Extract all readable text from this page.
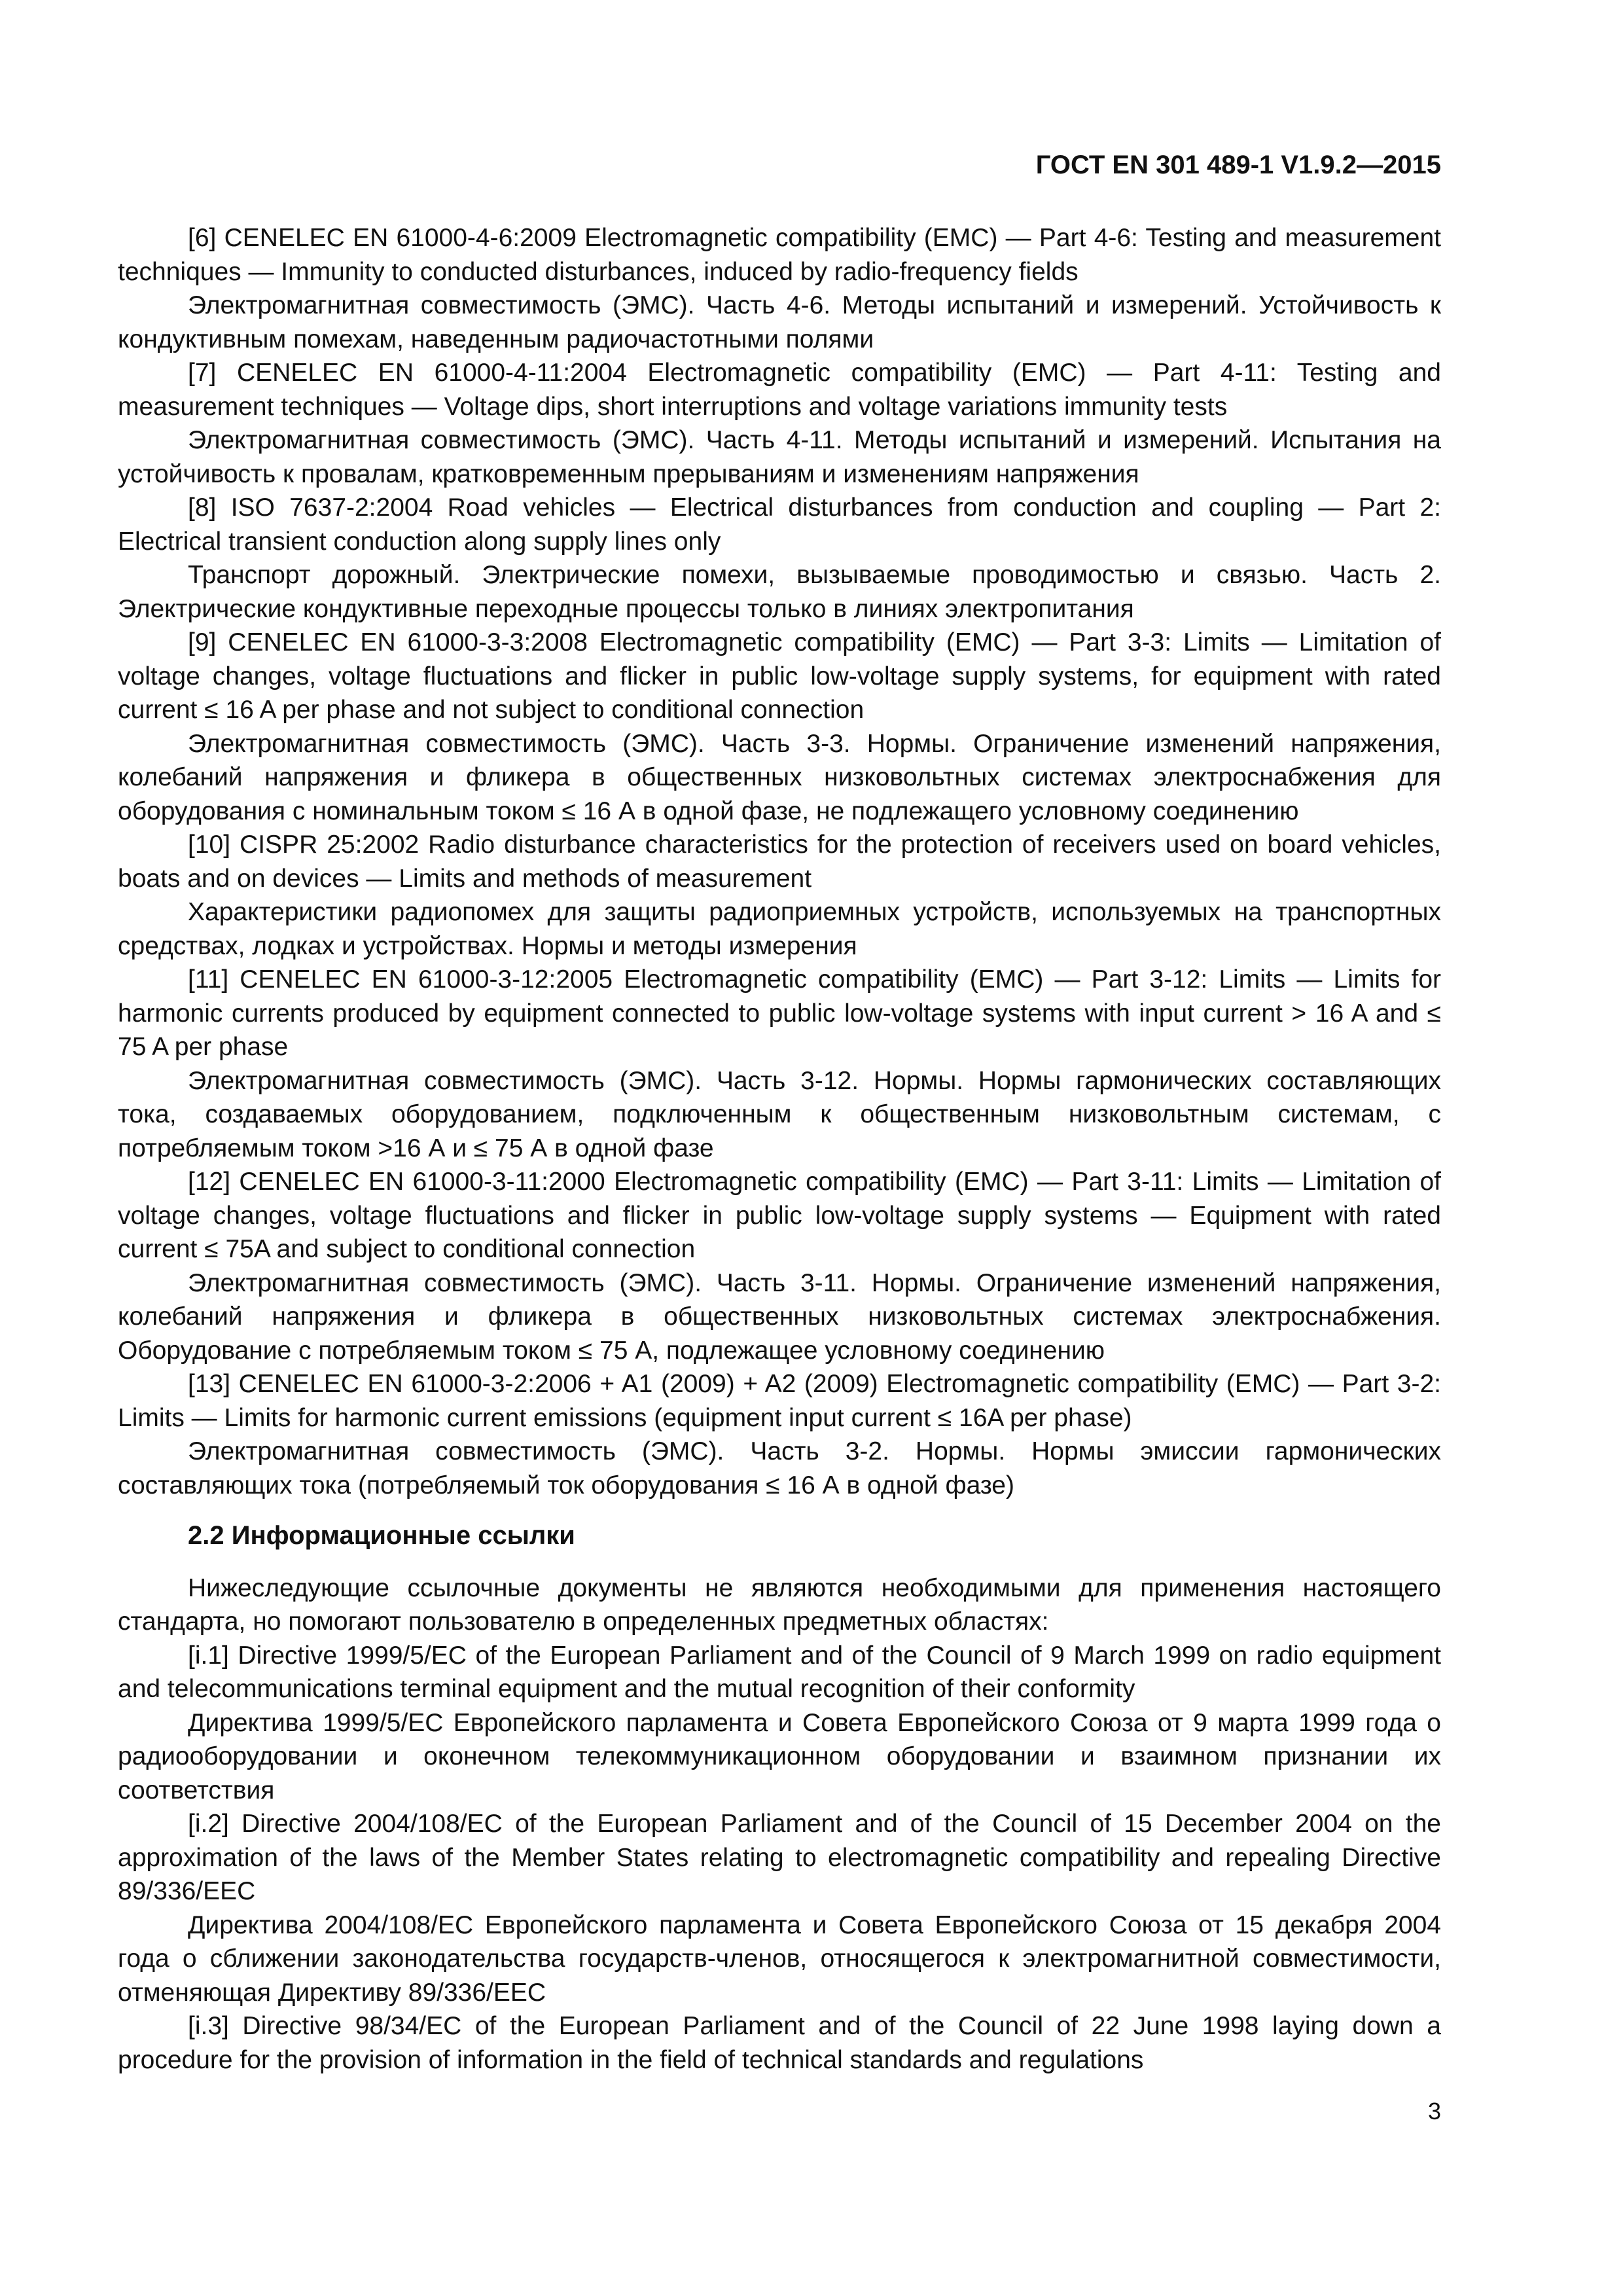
ГОСТ EN 301 489-1 V1.9.2—2015

[6] CENELEC EN 61000-4-6:2009 Electromagnetic compatibility (EMC) — Part 4-6: Testing and measurement techniques — Immunity to conducted disturbances, induced by radio-frequency fields

Электромагнитная совместимость (ЭМС). Часть 4-6. Методы испытаний и измерений. Устойчивость к кондуктивным помехам, наведенным радиочастотными полями

[7] CENELEC EN 61000-4-11:2004 Electromagnetic compatibility (EMC) — Part 4-11: Testing and measurement techniques — Voltage dips, short interruptions and voltage variations immunity tests

Электромагнитная совместимость (ЭМС). Часть 4-11. Методы испытаний и измерений. Испытания на устойчивость к провалам, кратковременным прерываниям и изменениям напряжения

[8] ISO 7637-2:2004 Road vehicles — Electrical disturbances from conduction and coupling — Part 2: Electrical transient conduction along supply lines only

Транспорт дорожный. Электрические помехи, вызываемые проводимостью и связью. Часть 2. Электрические кондуктивные переходные процессы только в линиях электропитания

[9] CENELEC EN 61000-3-3:2008 Electromagnetic compatibility (EMC) — Part 3-3: Limits — Limitation of voltage changes, voltage fluctuations and flicker in public low-voltage supply systems, for equipment with rated current ≤ 16 A per phase and not subject to conditional connection

Электромагнитная совместимость (ЭМС). Часть 3-3. Нормы. Ограничение изменений напряжения, колебаний напряжения и фликера в общественных низковольтных системах электроснабжения для оборудования с номинальным током ≤ 16 А в одной фазе, не подлежащего условному соединению

[10] CISPR 25:2002 Radio disturbance characteristics for the protection of receivers used on board vehicles, boats and on devices — Limits and methods of measurement

Характеристики радиопомех для защиты радиоприемных устройств, используемых на транспортных средствах, лодках и устройствах. Нормы и методы измерения

[11] CENELEC EN 61000-3-12:2005 Electromagnetic compatibility (EMC) — Part 3-12: Limits — Limits for harmonic currents produced by equipment connected to public low-voltage systems with input current > 16 A and ≤ 75 A per phase

Электромагнитная совместимость (ЭМС). Часть 3-12. Нормы. Нормы гармонических составляющих тока, создаваемых оборудованием, подключенным к общественным низковольтным системам, с потребляемым током >16 А и ≤ 75 А в одной фазе

[12] CENELEC EN 61000-3-11:2000 Electromagnetic compatibility (EMC) — Part 3-11: Limits — Limitation of voltage changes, voltage fluctuations and flicker in public low-voltage supply systems — Equipment with rated current ≤ 75A and subject to conditional connection

Электромагнитная совместимость (ЭМС). Часть 3-11. Нормы. Ограничение изменений напряжения, колебаний напряжения и фликера в общественных низковольтных системах электроснабжения. Оборудование с потребляемым током ≤ 75 А, подлежащее условному соединению

[13] CENELEC EN 61000-3-2:2006 + A1 (2009) + A2 (2009) Electromagnetic compatibility (EMC) — Part 3-2: Limits — Limits for harmonic current emissions (equipment input current ≤ 16A per phase)

Электромагнитная совместимость (ЭМС). Часть 3-2. Нормы. Нормы эмиссии гармонических составляющих тока (потребляемый ток оборудования ≤ 16 А в одной фазе)

2.2 Информационные ссылки

Нижеследующие ссылочные документы не являются необходимыми для применения настоящего стандарта, но помогают пользователю в определенных предметных областях:

[i.1] Directive 1999/5/EC of the European Parliament and of the Council of 9 March 1999 on radio equipment and telecommunications terminal equipment and the mutual recognition of their conformity

Директива 1999/5/ЕС Европейского парламента и Совета Европейского Союза от 9 марта 1999 года о радиооборудовании и оконечном телекоммуникационном оборудовании и взаимном признании их соответствия

[i.2] Directive 2004/108/EC of the European Parliament and of the Council of 15 December 2004 on the approximation of the laws of the Member States relating to electromagnetic compatibility and repealing Directive 89/336/EEC

Директива 2004/108/ЕС Европейского парламента и Совета Европейского Союза от 15 декабря 2004 года о сближении законодательства государств-членов, относящегося к электромагнитной совместимости, отменяющая Директиву 89/336/ЕЕС

[i.3] Directive 98/34/EC of the European Parliament and of the Council of 22 June 1998 laying down a procedure for the provision of information in the field of technical standards and regulations

3
